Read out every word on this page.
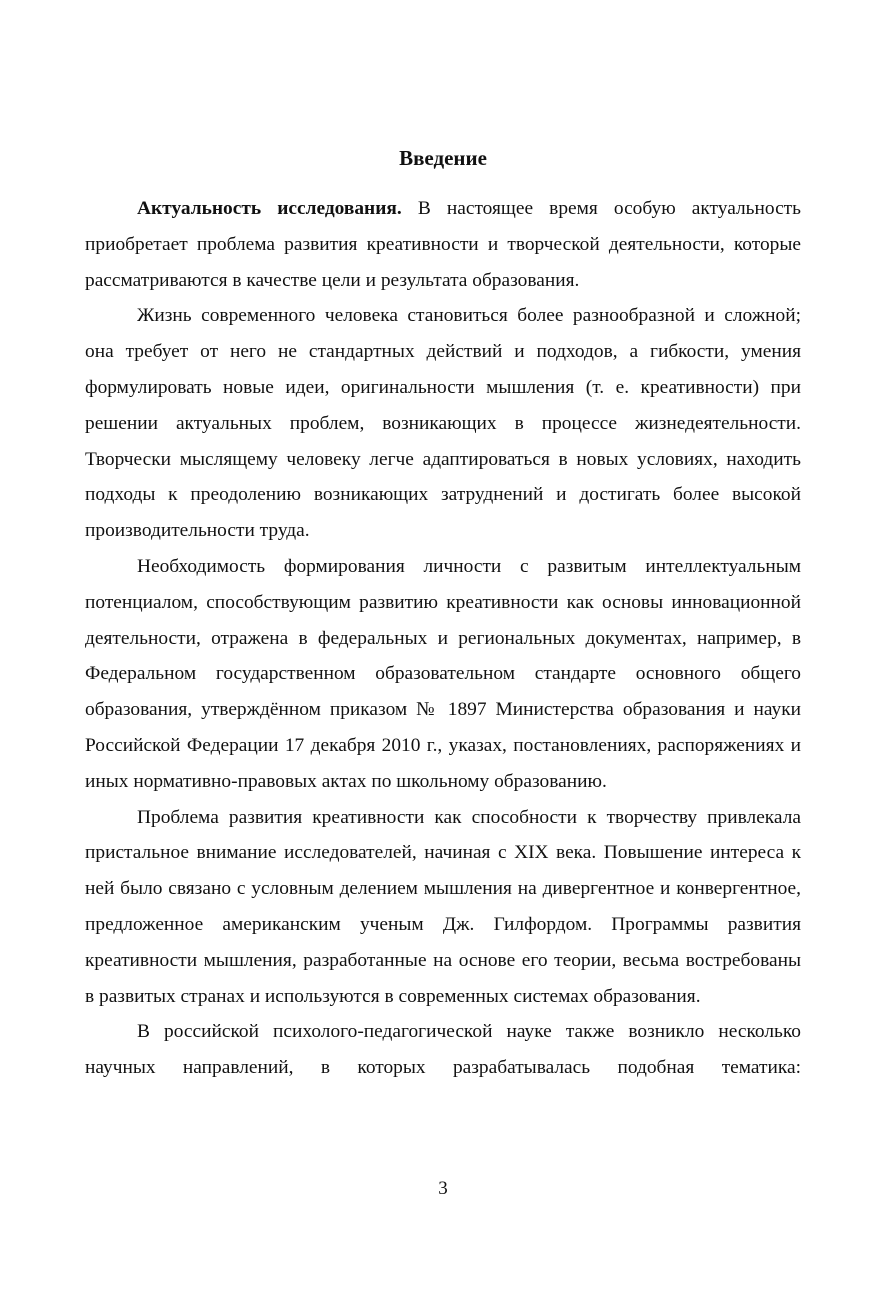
Введение

Актуальность исследования. В настоящее время особую актуальность приобретает проблема развития креативности и творческой деятельности, которые рассматриваются в качестве цели и результата образования.

Жизнь современного человека становиться более разнообразной и сложной; она требует от него не стандартных действий и подходов, а гибкости, умения формулировать новые идеи, оригинальности мышления (т. е. креативности) при решении актуальных проблем, возникающих в процессе жизнедеятельности. Творчески мыслящему человеку легче адаптироваться в новых условиях, находить подходы к преодолению возникающих затруднений и достигать более высокой производительности труда.

Необходимость формирования личности с развитым интеллектуальным потенциалом, способствующим развитию креативности как основы инновационной деятельности, отражена в федеральных и региональных документах, например, в Федеральном государственном образовательном стандарте основного общего образования, утверждённом приказом № 1897 Министерства образования и науки Российской Федерации 17 декабря 2010 г., указах, постановлениях, распоряжениях и иных нормативно-правовых актах по школьному образованию.

Проблема развития креативности как способности к творчеству привлекала пристальное внимание исследователей, начиная с XIX века. Повышение интереса к ней было связано с условным делением мышления на дивергентное и конвергентное, предложенное американским ученым Дж. Гилфордом. Программы развития креативности мышления, разработанные на основе его теории, весьма востребованы в развитых странах и используются в современных системах образования.

В российской психолого-педагогической науке также возникло несколько научных направлений, в которых разрабатывалась подобная тематика:

3
